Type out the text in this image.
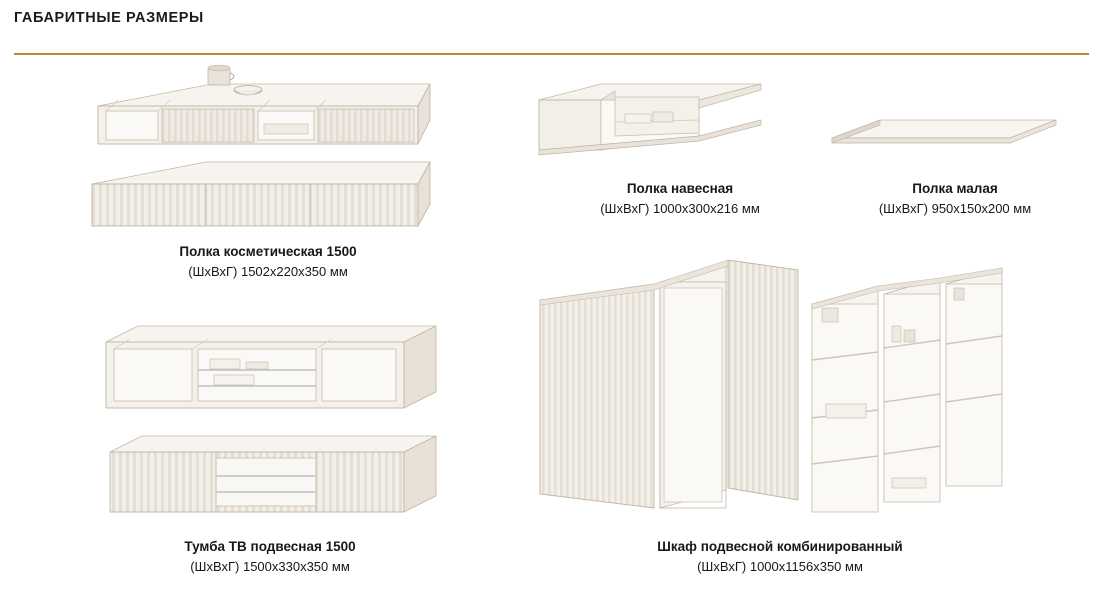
ГАБАРИТНЫЕ РАЗМЕРЫ
Полка косметическая 1500
(ШхВхГ) 1502x220x350 мм
Полка навесная
(ШхВхГ) 1000x300x216 мм
Полка малая
(ШхВхГ) 950x150x200 мм
Тумба ТВ подвесная 1500
(ШхВхГ) 1500x330x350 мм
Шкаф подвесной комбинированный
(ШхВхГ) 1000x1156x350 мм
